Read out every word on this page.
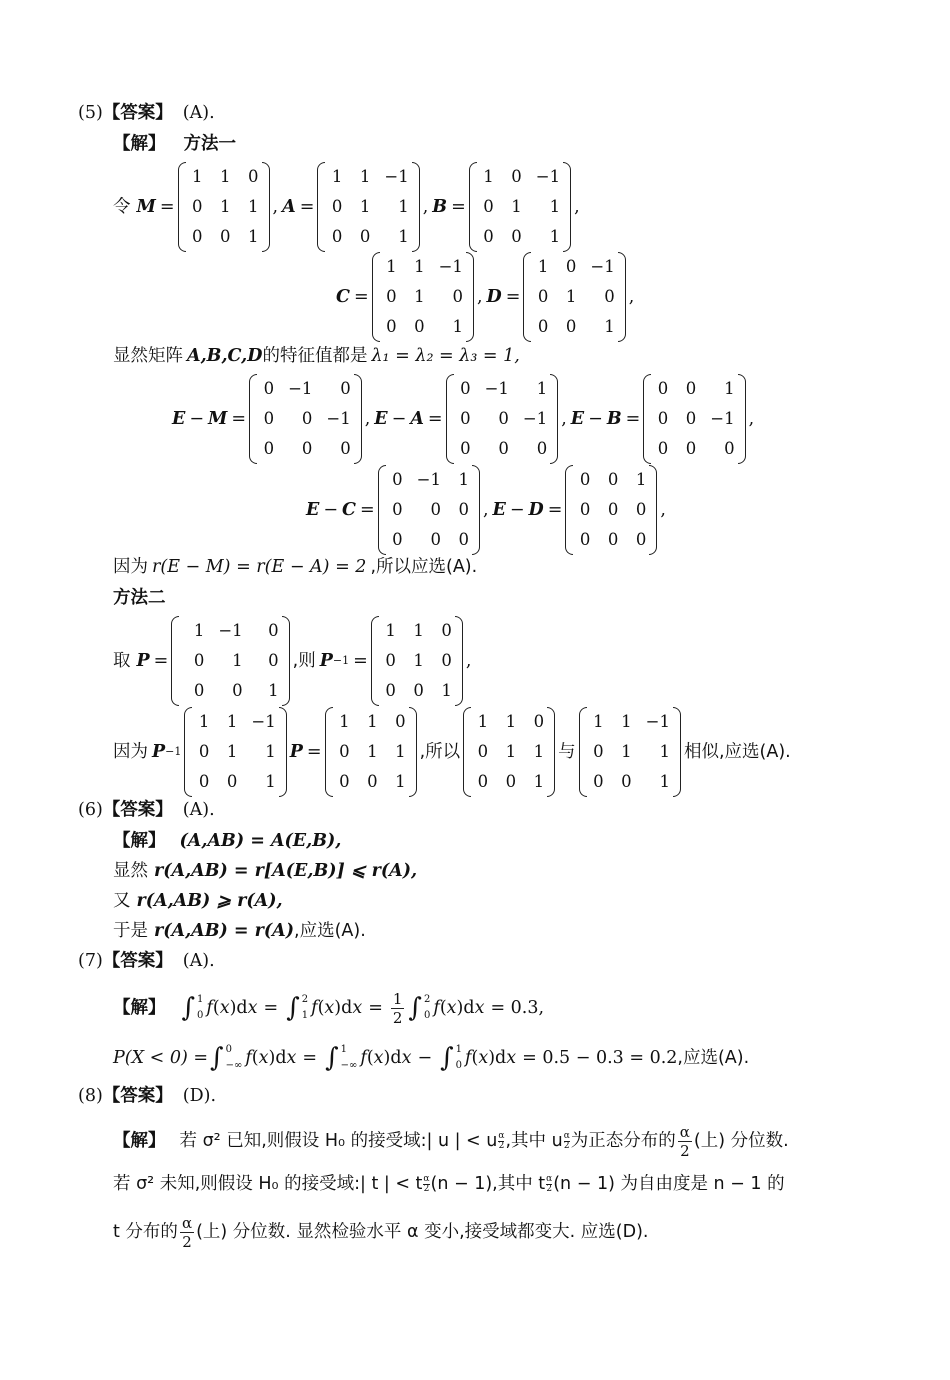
(5) 【答案】 (A).
【解】 方法一
令 M =
1 1 0
0 1 1
0 0 1
, A =
1 1 −1
0 1	1
0 0	1
, B =
1 0 −1
0 1	1
0 0	1
,
C =
1 1 −1
0 1	0
0 0	1
, D =
1 0 −1
0 1	0
0 0	1
,
显然矩阵 A,B,C,D 的特征值都是 λ₁ = λ₂ = λ₃ = 1,
E − M =
0 −1	0
0	0 −1
0	0	0
, E − A =
0 −1	1
0	0 −1
0	0	0
, E − B =
0 0	1
0 0 −1
0 0	0
,
E − C =
0 −1 1
0	0 0
0	0 0
, E − D =
0 0 1
0 0 0
0 0 0
,
因为 r(E − M) = r(E − A) = 2 ,所以应选(A).
方法二
取 P =
1 −1	0
0	1	0
0	0	1
,则 P −1 =
1 1 0
0 1 0
0 0 1
,
因为 P −1
1 1 −1
0 1	1
0 0	1
P =
1 1 0
0 1 1
0 0 1
,所以
1 1 0
0 1 1
0 0 1
与
1 1 −1
0 1	1
0 0	1
相似,应选(A).
(6) 【答案】 (A).
【解】 (A,AB) = A(E,B),
显然 r(A,AB) = r[A(E,B)] ⩽ r(A),
又 r(A,AB) ⩾ r(A),
于是 r(A,AB) = r(A) ,应选(A).
(7) 【答案】 (A).
【解】 ∫ 1
0 f ( x )d x = ∫ 2
1 f ( x )d $x = \frac{1}{2}$ ∫ 2
0 f ( x )d x = 0.3,
P(X < 0) = ∫ 0
−∞ f ( x )d x = ∫ 1
−∞ f ( x )d x − ∫ 1
0 f ( x )d x = 0.5 − 0.3 = 0.2 ,应选(A).
(8) 【答案】 (D).
【解】 若 σ² 已知,则假设 H₀ 的接受域:| u | < u α
2 ,其中 u α
2 为正态分布的 $\frac{\alpha}{2}$ (上) 分位数.
若 σ² 未知,则假设 H₀ 的接受域:| t | < t α
2 (n − 1),其中 t α
2 (n − 1) 为自由度是 n − 1 的
t 分布的 $\frac{\alpha}{2}$ (上) 分位数. 显然检验水平 α 变小,接受域都变大. 应选(D).
